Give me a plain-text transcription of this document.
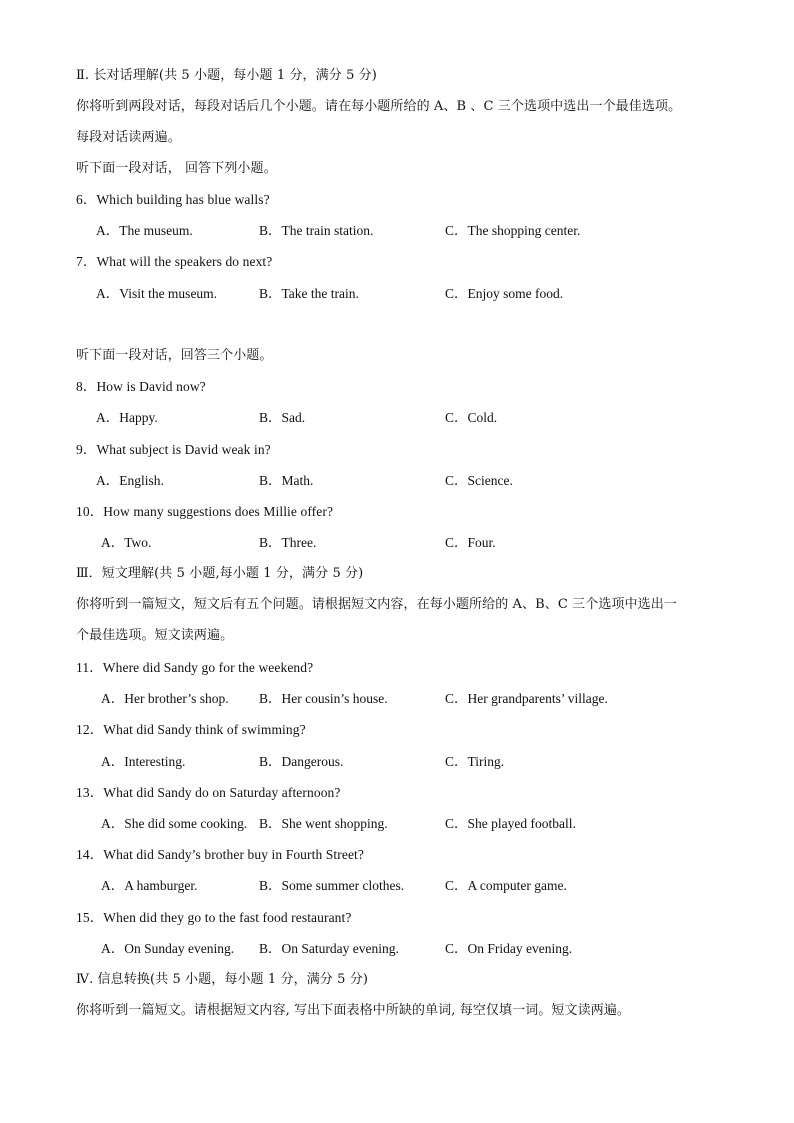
Ⅱ. 长对话理解(共 5 小题，每小题 1 分，满分 5 分)
你将听到两段对话，每段对话后几个小题。请在每小题所给的 A、B 、C 三个选项中选出一个最佳选项。
每段对话读两遍。
听下面一段对话， 回答下列小题。
6．Which building has blue walls?
A．The museum.	B．The train station.	C．The shopping center.
7．What will the speakers do next?
A．Visit the museum.	B．Take the train.	C．Enjoy some food.
听下面一段对话，回答三个小题。
8．How is David now?
A．Happy.	B．Sad.	C．Cold.
9．What subject is David weak in?
A．English.	B．Math.	C．Science.
10．How many suggestions does Millie offer?
A．Two.	B．Three.	C．Four.
Ⅲ．短文理解(共 5 小题,每小题 1 分，满分 5 分)
你将听到一篇短文，短文后有五个问题。请根据短文内容，在每小题所给的 A、B、C 三个选项中选出一
个最佳选项。短文读两遍。
11．Where did Sandy go for the weekend?
A．Her brother’s shop. B．Her cousin’s house.	C．Her grandparents’ village.
12．What did Sandy think of swimming?
A．Interesting.	B．Dangerous.	C．Tiring.
13．What did Sandy do on Saturday afternoon?
A．She did some cooking. B．She went shopping.	C．She played football.
14．What did Sandy’s brother buy in Fourth Street?
A．A hamburger.	B．Some summer clothes.	C．A computer game.
15．When did they go to the fast food restaurant?
A．On Sunday evening. B．On Saturday evening.	C．On Friday evening.
Ⅳ. 信息转换(共 5 小题，每小题 1 分，满分 5 分)
你将听到一篇短文。请根据短文内容, 写出下面表格中所缺的单词, 每空仅填一词。短文读两遍。
